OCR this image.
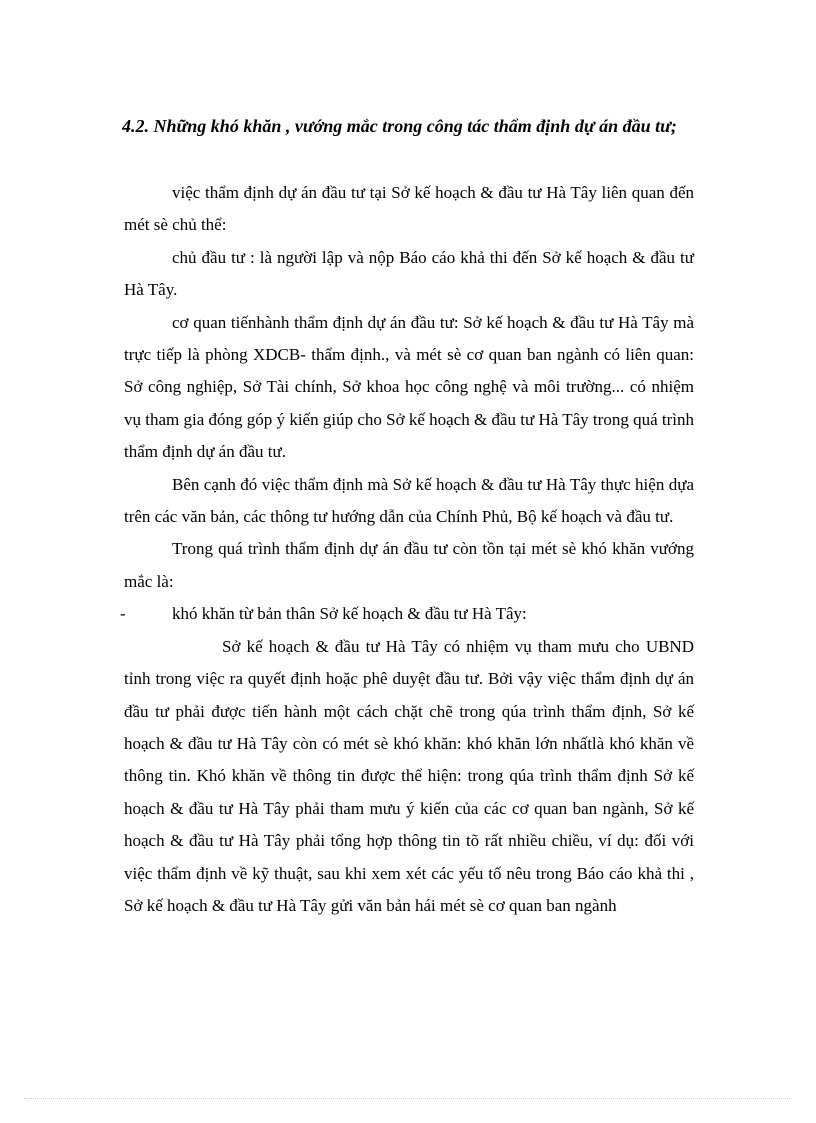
4.2. Những khó khăn , vướng mắc trong công tác thẩm định dự án đầu tư;

việc thẩm định dự án đầu tư tại Sở kế hoạch & đầu tư Hà Tây liên quan đến mét sè chủ thể:

chủ đầu tư : là người lập và nộp Báo cáo khả thi đến Sở kế hoạch & đầu tư Hà Tây.

cơ quan tiếnhành thẩm định dự án đầu tư: Sở kế hoạch & đầu tư Hà Tây mà trực tiếp là phòng XDCB- thẩm định., và mét sè cơ quan ban ngành có liên quan: Sở công nghiệp, Sở Tài chính, Sở khoa học công nghệ và môi trường... có nhiệm vụ tham gia đóng góp ý kiến giúp cho Sở kế hoạch & đầu tư Hà Tây trong quá trình thẩm định dự án đầu tư.

Bên cạnh đó việc thẩm định mà Sở kế hoạch & đầu tư Hà Tây thực hiện dựa trên các văn bản, các thông tư hướng dẫn của Chính Phủ, Bộ kế hoạch và đầu tư.

Trong quá trình thẩm định dự án đầu tư còn tồn tại mét sè khó khăn vướng mắc là:

-	khó khăn từ bản thân Sở kế hoạch & đầu tư Hà Tây:

Sở kế hoạch & đầu tư Hà Tây có nhiệm vụ tham mưu cho UBND tỉnh trong việc ra quyết định hoặc phê duyệt đầu tư. Bởi vậy việc thẩm định dự án đầu tư phải được tiến hành một cách chặt chẽ trong qúa trình thẩm định, Sở kế hoạch & đầu tư Hà Tây còn có mét sè khó khăn: khó khăn lớn nhấtlà khó khăn về thông tin. Khó khăn về thông tin được thể hiện: trong qúa trình thẩm định Sở kế hoạch & đầu tư Hà Tây phải tham mưu ý kiến của các cơ quan ban ngành, Sở kế hoạch & đầu tư Hà Tây phải tổng hợp thông tin tõ rất nhiều chiều, ví dụ: đối với việc thẩm định về kỹ thuật, sau khi xem xét các yếu tố nêu trong Báo cáo khả thi , Sở kế hoạch & đầu tư Hà Tây gửi văn bản hái mét sè cơ quan ban ngành
